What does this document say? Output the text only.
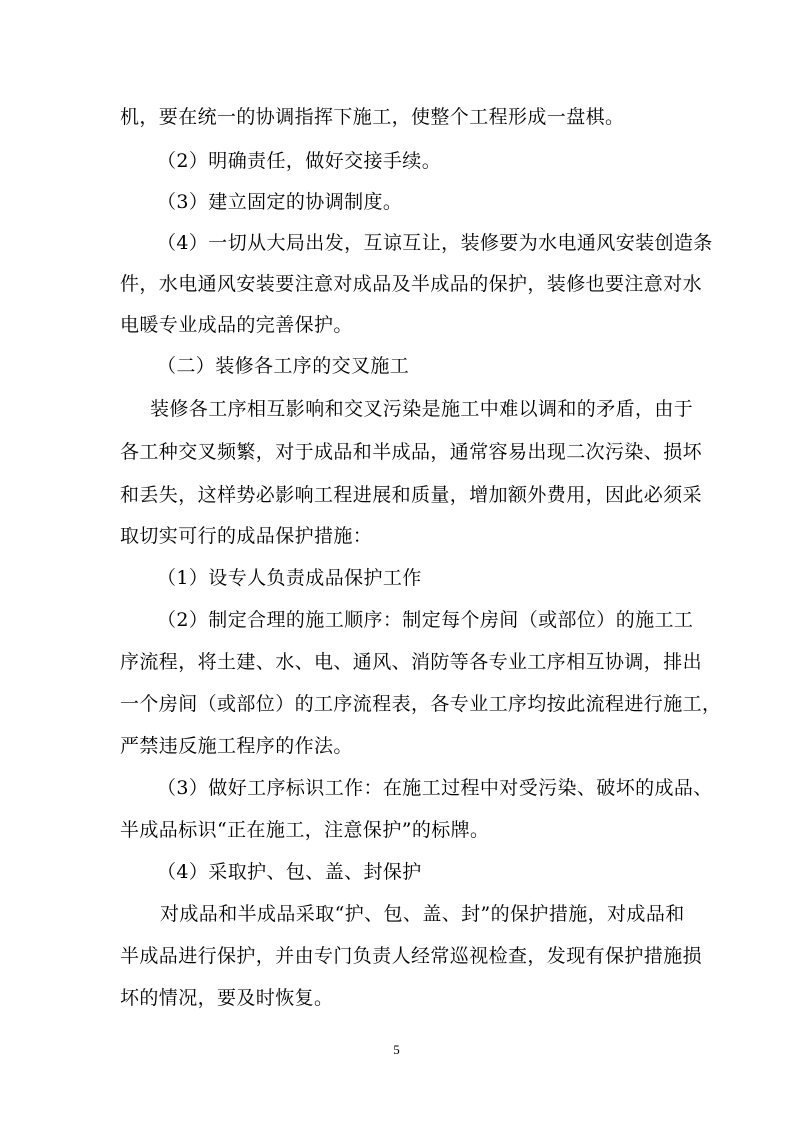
机，要在统一的协调指挥下施工，使整个工程形成一盘棋。
（2）明确责任，做好交接手续。
（3）建立固定的协调制度。
（4）一切从大局出发，互谅互让，装修要为水电通风安装创造条
件，水电通风安装要注意对成品及半成品的保护，装修也要注意对水
电暖专业成品的完善保护。
（二）装修各工序的交叉施工
装修各工序相互影响和交叉污染是施工中难以调和的矛盾，由于
各工种交叉频繁，对于成品和半成品，通常容易出现二次污染、损坏
和丢失，这样势必影响工程进展和质量，增加额外费用，因此必须采
取切实可行的成品保护措施：
（1）设专人负责成品保护工作
（2）制定合理的施工顺序：制定每个房间（或部位）的施工工
序流程，将土建、水、电、通风、消防等各专业工序相互协调，排出
一个房间（或部位）的工序流程表，各专业工序均按此流程进行施工，
严禁违反施工程序的作法。
（3）做好工序标识工作：在施工过程中对受污染、破坏的成品、
半成品标识“正在施工，注意保护”的标牌。
（4）采取护、包、盖、封保护
对成品和半成品采取“护、包、盖、封”的保护措施，对成品和
半成品进行保护，并由专门负责人经常巡视检查，发现有保护措施损
坏的情况，要及时恢复。
5
